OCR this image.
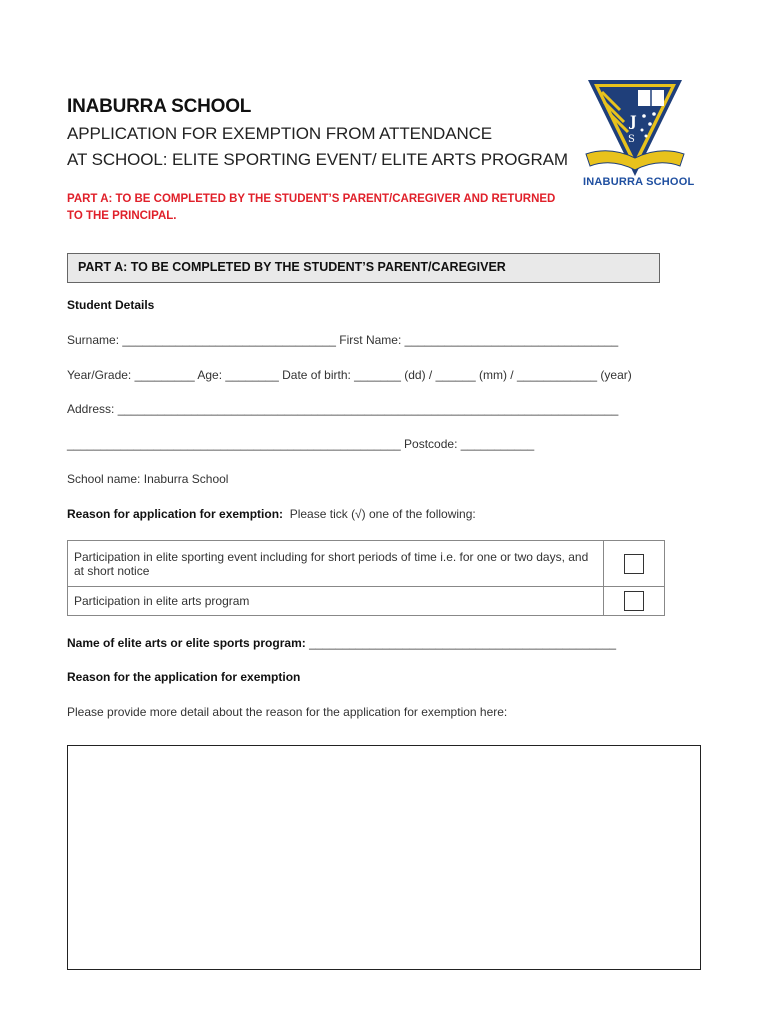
INABURRA SCHOOL
APPLICATION FOR EXEMPTION FROM ATTENDANCE
AT SCHOOL: ELITE SPORTING EVENT/ ELITE ARTS PROGRAM
PART A: TO BE COMPLETED BY THE STUDENT’S PARENT/CAREGIVER AND RETURNED TO THE PRINCIPAL.
J
S
INABURRA SCHOOL
PART A: TO BE COMPLETED BY THE STUDENT’S PARENT/CAREGIVER
Student Details
Surname: ________________________________ First Name: ________________________________
Year/Grade: _________ Age: ________ Date of birth: _______ (dd) / ______ (mm) / ____________ (year)
Address: ___________________________________________________________________________
__________________________________________________ Postcode: ___________
School name: Inaburra School
Reason for application for exemption: Please tick (√) one of the following:
Participation in elite sporting event including for short periods of time i.e. for one or two days, and at short notice	
Participation in elite arts program	
Name of elite arts or elite sports program: ______________________________________________
Reason for the application for exemption
Please provide more detail about the reason for the application for exemption here:
